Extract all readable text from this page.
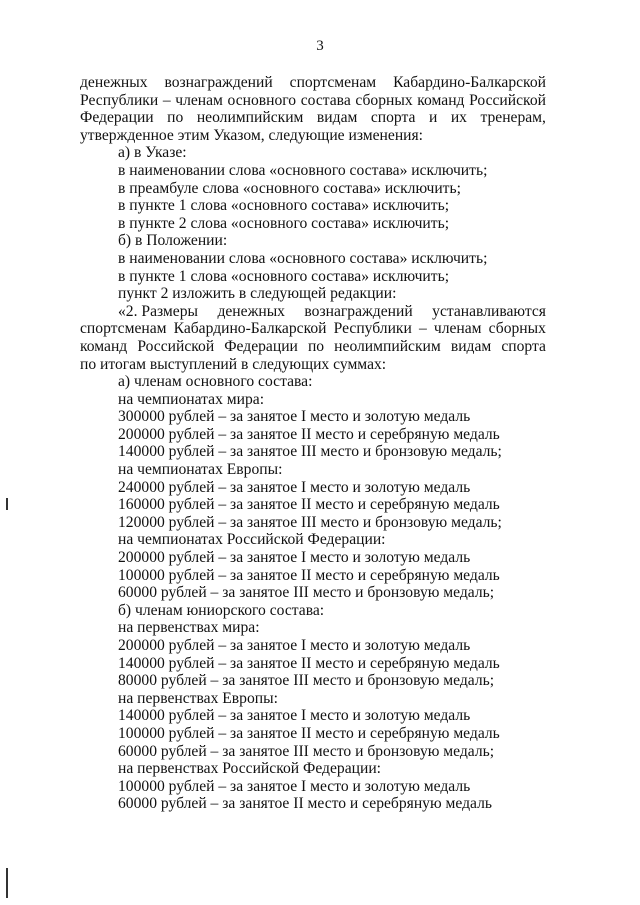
3
денежных вознаграждений спортсменам Кабардино-Балкарской
Республики – членам основного состава сборных команд Российской
Федерации по неолимпийским видам спорта и их тренерам,
утвержденное этим Указом, следующие изменения:
а) в Указе:
в наименовании слова «основного состава» исключить;
в преамбуле слова «основного состава» исключить;
в пункте 1 слова «основного состава» исключить;
в пункте 2 слова «основного состава» исключить;
б) в Положении:
в наименовании слова «основного состава» исключить;
в пункте 1 слова «основного состава» исключить;
пункт 2 изложить в следующей редакции:
«2. Размеры денежных вознаграждений устанавливаются
спортсменам Кабардино-Балкарской Республики – членам сборных
команд Российской Федерации по неолимпийским видам спорта
по итогам выступлений в следующих суммах:
а) членам основного состава:
на чемпионатах мира:
300000 рублей – за занятое I место и золотую медаль
200000 рублей – за занятое II место и серебряную медаль
140000 рублей – за занятое III место и бронзовую медаль;
на чемпионатах Европы:
240000 рублей – за занятое I место и золотую медаль
160000 рублей – за занятое II место и серебряную медаль
120000 рублей – за занятое III место и бронзовую медаль;
на чемпионатах Российской Федерации:
200000 рублей – за занятое I место и золотую медаль
100000 рублей – за занятое II место и серебряную медаль
60000 рублей – за занятое III место и бронзовую медаль;
б) членам юниорского состава:
на первенствах мира:
200000 рублей – за занятое I место и золотую медаль
140000 рублей – за занятое II место и серебряную медаль
80000 рублей – за занятое III место и бронзовую медаль;
на первенствах Европы:
140000 рублей – за занятое I место и золотую медаль
100000 рублей – за занятое II место и серебряную медаль
60000 рублей – за занятое III место и бронзовую медаль;
на первенствах Российской Федерации:
100000 рублей – за занятое I место и золотую медаль
60000 рублей – за занятое II место и серебряную медаль
